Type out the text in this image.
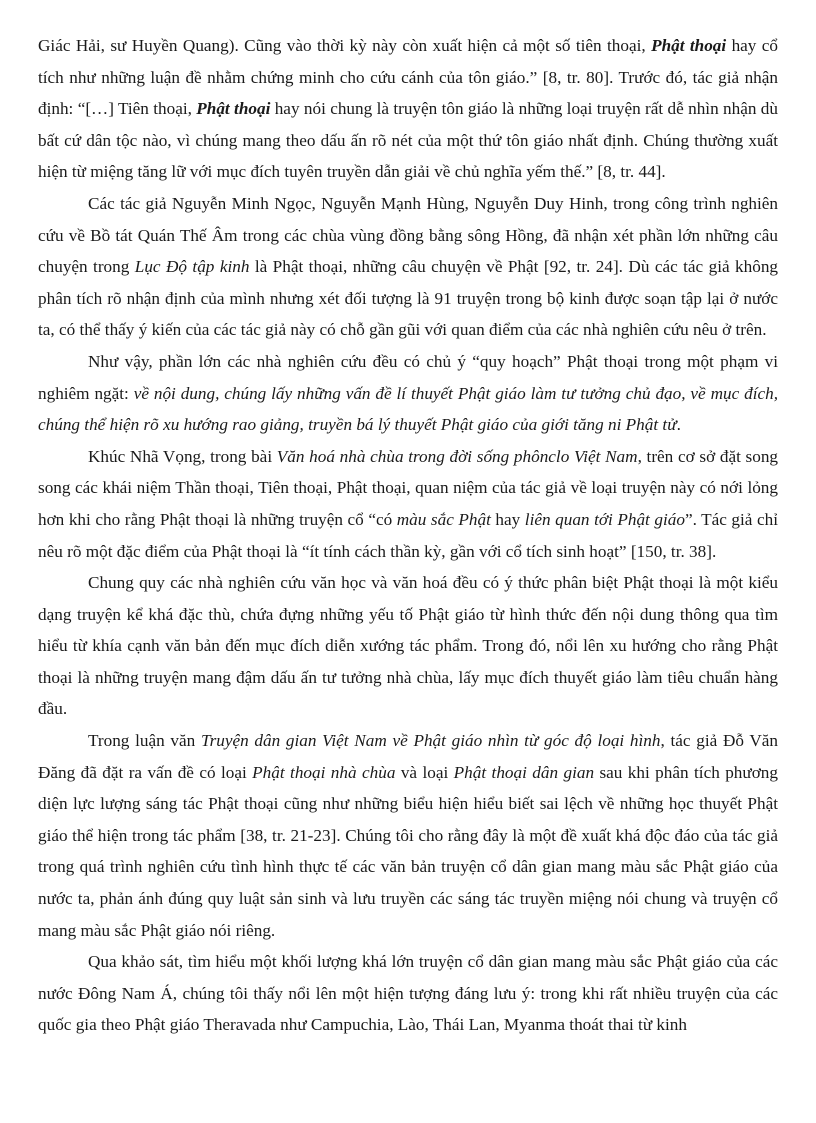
Giác Hải, sư Huyền Quang). Cũng vào thời kỳ này còn xuất hiện cả một số tiên thoại, Phật thoại hay cổ tích như những luận đề nhằm chứng minh cho cứu cánh của tôn giáo.” [8, tr. 80]. Trước đó, tác giả nhận định: “[…] Tiên thoại, Phật thoại hay nói chung là truyện tôn giáo là những loại truyện rất dễ nhìn nhận dù bất cứ dân tộc nào, vì chúng mang theo dấu ấn rõ nét của một thứ tôn giáo nhất định. Chúng thường xuất hiện từ miệng tăng lữ với mục đích tuyên truyền dẫn giải về chủ nghĩa yếm thế.” [8, tr. 44].

Các tác giả Nguyễn Minh Ngọc, Nguyễn Mạnh Hùng, Nguyễn Duy Hinh, trong công trình nghiên cứu về Bồ tát Quán Thế Âm trong các chùa vùng đồng bằng sông Hồng, đã nhận xét phần lớn những câu chuyện trong Lục Độ tập kinh là Phật thoại, những câu chuyện về Phật [92, tr. 24]. Dù các tác giả không phân tích rõ nhận định của mình nhưng xét đối tượng là 91 truyện trong bộ kinh được soạn tập lại ở nước ta, có thể thấy ý kiến của các tác giả này có chỗ gần gũi với quan điểm của các nhà nghiên cứu nêu ở trên.

Như vậy, phần lớn các nhà nghiên cứu đều có chủ ý “quy hoạch” Phật thoại trong một phạm vi nghiêm ngặt: về nội dung, chúng lấy những vấn đề lí thuyết Phật giáo làm tư tưởng chủ đạo, về mục đích, chúng thể hiện rõ xu hướng rao giảng, truyền bá lý thuyết Phật giáo của giới tăng ni Phật tử.

Khúc Nhã Vọng, trong bài Văn hoá nhà chùa trong đời sống phônclo Việt Nam, trên cơ sở đặt song song các khái niệm Thần thoại, Tiên thoại, Phật thoại, quan niệm của tác giả về loại truyện này có nới lỏng hơn khi cho rằng Phật thoại là những truyện cổ “có màu sắc Phật hay liên quan tới Phật giáo”. Tác giả chỉ nêu rõ một đặc điểm của Phật thoại là “ít tính cách thần kỳ, gần với cổ tích sinh hoạt” [150, tr. 38].

Chung quy các nhà nghiên cứu văn học và văn hoá đều có ý thức phân biệt Phật thoại là một kiểu dạng truyện kể khá đặc thù, chứa đựng những yếu tố Phật giáo từ hình thức đến nội dung thông qua tìm hiểu từ khía cạnh văn bản đến mục đích diễn xướng tác phẩm. Trong đó, nổi lên xu hướng cho rằng Phật thoại là những truyện mang đậm dấu ấn tư tưởng nhà chùa, lấy mục đích thuyết giáo làm tiêu chuẩn hàng đầu.

Trong luận văn Truyện dân gian Việt Nam về Phật giáo nhìn từ góc độ loại hình, tác giả Đỗ Văn Đăng đã đặt ra vấn đề có loại Phật thoại nhà chùa và loại Phật thoại dân gian sau khi phân tích phương diện lực lượng sáng tác Phật thoại cũng như những biểu hiện hiểu biết sai lệch về những học thuyết Phật giáo thể hiện trong tác phẩm [38, tr. 21-23]. Chúng tôi cho rằng đây là một đề xuất khá độc đáo của tác giả trong quá trình nghiên cứu tình hình thực tế các văn bản truyện cổ dân gian mang màu sắc Phật giáo của nước ta, phản ánh đúng quy luật sản sinh và lưu truyền các sáng tác truyền miệng nói chung và truyện cổ mang màu sắc Phật giáo nói riêng.

Qua khảo sát, tìm hiểu một khối lượng khá lớn truyện cổ dân gian mang màu sắc Phật giáo của các nước Đông Nam Á, chúng tôi thấy nổi lên một hiện tượng đáng lưu ý: trong khi rất nhiều truyện của các quốc gia theo Phật giáo Theravada như Campuchia, Lào, Thái Lan, Myanma thoát thai từ kinh
